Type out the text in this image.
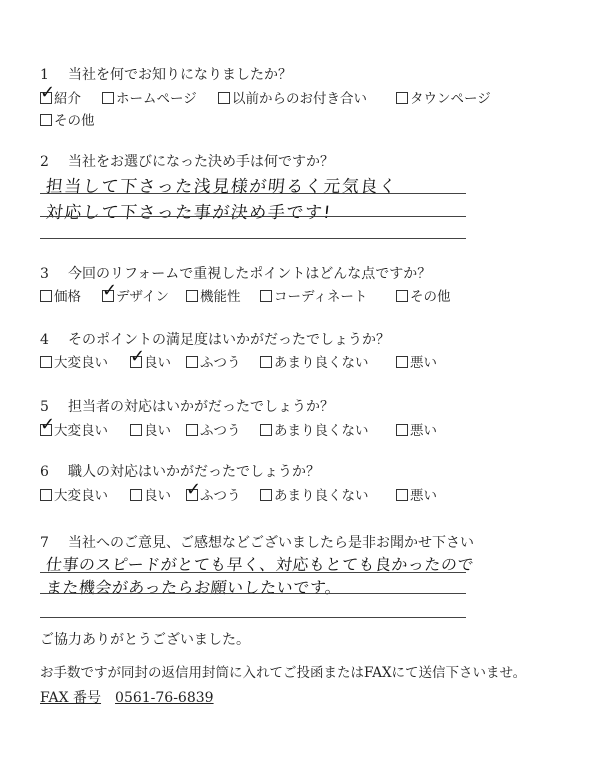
1 当社を何でお知りになりましたか？
✓
紹介	ホームページ	以前からのお付き合い	タウンページ
その他
2 当社をお選びになった決め手は何ですか？
担当して下さった浅見様が明るく元気良く
対応して下さった事が決め手です!
3 今回のリフォームで重視したポイントはどんな点ですか？
価格 ✓
デザイン	機能性	コーディネート	その他
4 そのポイントの満足度はいかがだったでしょうか？
大変良い ✓
良い	ふつう	あまり良くない	悪い
5 担当者の対応はいかがだったでしょうか？
✓
大変良い	良い	ふつう	あまり良くない	悪い
6 職人の対応はいかがだったでしょうか？
大変良い	良い ✓
ふつう	あまり良くない	悪い
7 当社へのご意見、ご感想などございましたら是非お聞かせ下さい
仕事のスピードがとても早く、対応もとても良かったので
また機会があったらお願いしたいです。
ご協力ありがとうございました。
お手数ですが同封の返信用封筒に入れてご投函またはFAXにて送信下さいませ。
FAX 番号 0561-76-6839
